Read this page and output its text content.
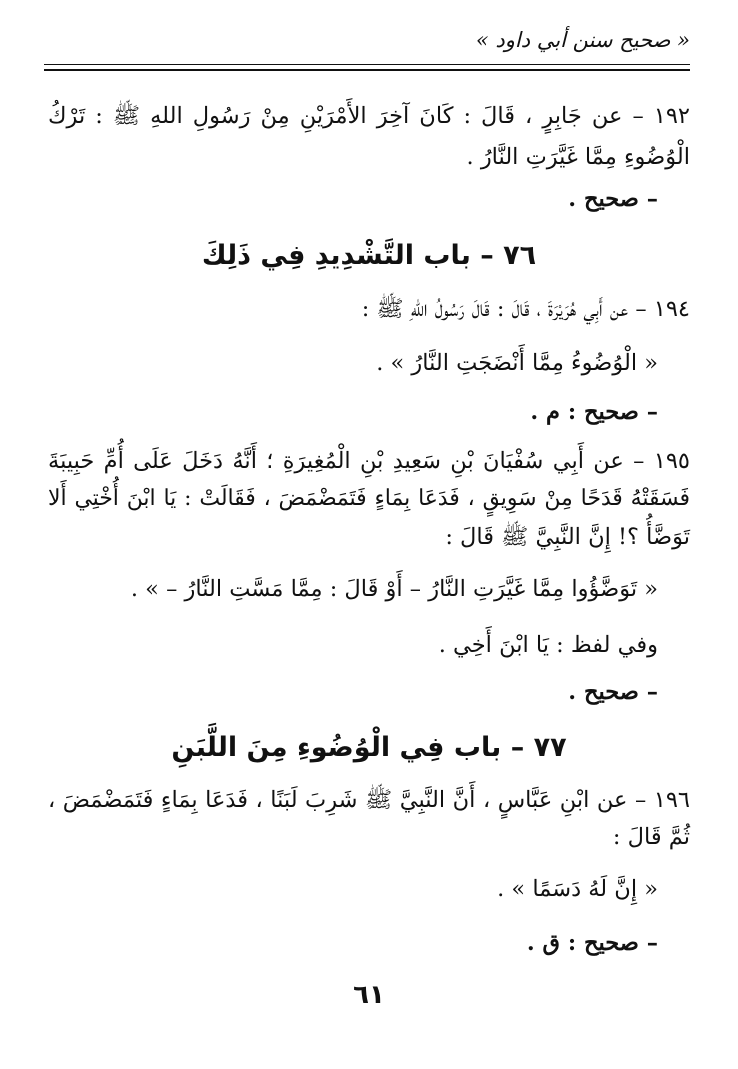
« صحيح سنن أبي داود »
١٩٢ – عن جَابِرٍ ، قَالَ : كَانَ آخِرَ الأَمْرَيْنِ مِنْ رَسُولِ اللهِ ﷺ : تَرْكُ
الْوُضُوءِ مِمَّا غَيَّرَتِ النَّارُ .
– صحيح .
٧٦ – باب التَّشْدِيدِ فِي ذَلِكَ
١٩٤ – عن أَبِي هُرَيْرَةَ ، قَالَ : قَالَ رَسُولُ اللهِ ﷺ :
« الْوُضُوءُ مِمَّا أَنْضَجَتِ النَّارُ » .
– صحيح : م .
١٩٥ – عن أَبِي سُفْيَانَ بْنِ سَعِيدِ بْنِ الْمُغِيرَةِ ؛ أَنَّهُ دَخَلَ عَلَى أُمِّ حَبِيبَةَ
فَسَقَتْهُ قَدَحًا مِنْ سَوِيقٍ ، فَدَعَا بِمَاءٍ فَتَمَضْمَضَ ، فَقَالَتْ : يَا ابْنَ أُخْتِي أَلا
تَوَضَّأُ ؟! إِنَّ النَّبِيَّ ﷺ قَالَ :
« تَوَضَّؤُوا مِمَّا غَيَّرَتِ النَّارُ – أَوْ قَالَ : مِمَّا مَسَّتِ النَّارُ – » .
وفي لفظ : يَا ابْنَ أَخِي .
– صحيح .
٧٧ – باب فِي الْوُضُوءِ مِنَ اللَّبَنِ
١٩٦ – عن ابْنِ عَبَّاسٍ ، أَنَّ النَّبِيَّ ﷺ شَرِبَ لَبَنًا ، فَدَعَا بِمَاءٍ فَتَمَضْمَضَ ،
ثُمَّ قَالَ :
« إِنَّ لَهُ دَسَمًا » .
– صحيح : ق .
٦١
